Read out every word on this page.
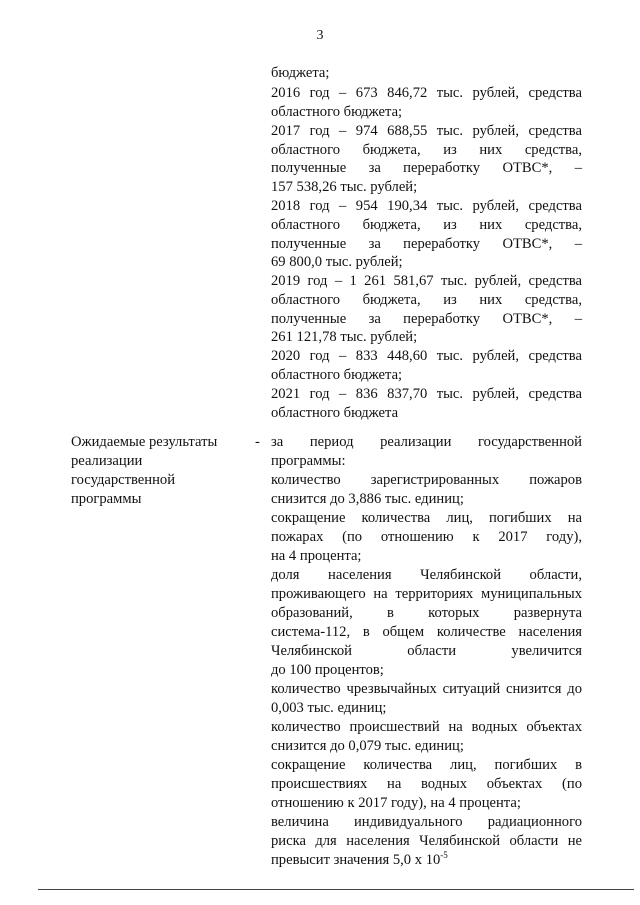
3
бюджета;
2016 год – 673 846,72 тыс. рублей, средства
областного бюджета;
2017 год – 974 688,55 тыс. рублей, средства
областного бюджета, из них средства,
полученные за переработку ОТВС*, –
157 538,26 тыс. рублей;
2018 год – 954 190,34 тыс. рублей, средства
областного бюджета, из них средства,
полученные за переработку ОТВС*, –
69 800,0 тыс. рублей;
2019 год – 1 261 581,67 тыс. рублей, средства
областного бюджета, из них средства,
полученные за переработку ОТВС*, –
261 121,78 тыс. рублей;
2020 год – 833 448,60 тыс. рублей, средства
областного бюджета;
2021 год – 836 837,70 тыс. рублей, средства
областного бюджета
Ожидаемые результаты
реализации
государственной
программы
- за период реализации государственной
программы:
количество зарегистрированных пожаров
снизится до 3,886 тыс. единиц;
сокращение количества лиц, погибших на
пожарах (по отношению к 2017 году),
на 4 процента;
доля населения Челябинской области,
проживающего на территориях муниципальных
образований, в которых развернута
система-112, в общем количестве населения
Челябинской области увеличится
до 100 процентов;
количество чрезвычайных ситуаций снизится до
0,003 тыс. единиц;
количество происшествий на водных объектах
снизится до 0,079 тыс. единиц;
сокращение количества лиц, погибших в
происшествиях на водных объектах (по
отношению к 2017 году), на 4 процента;
величина индивидуального радиационного
риска для населения Челябинской области не
превысит значения 5,0 х $10^{-5}$
